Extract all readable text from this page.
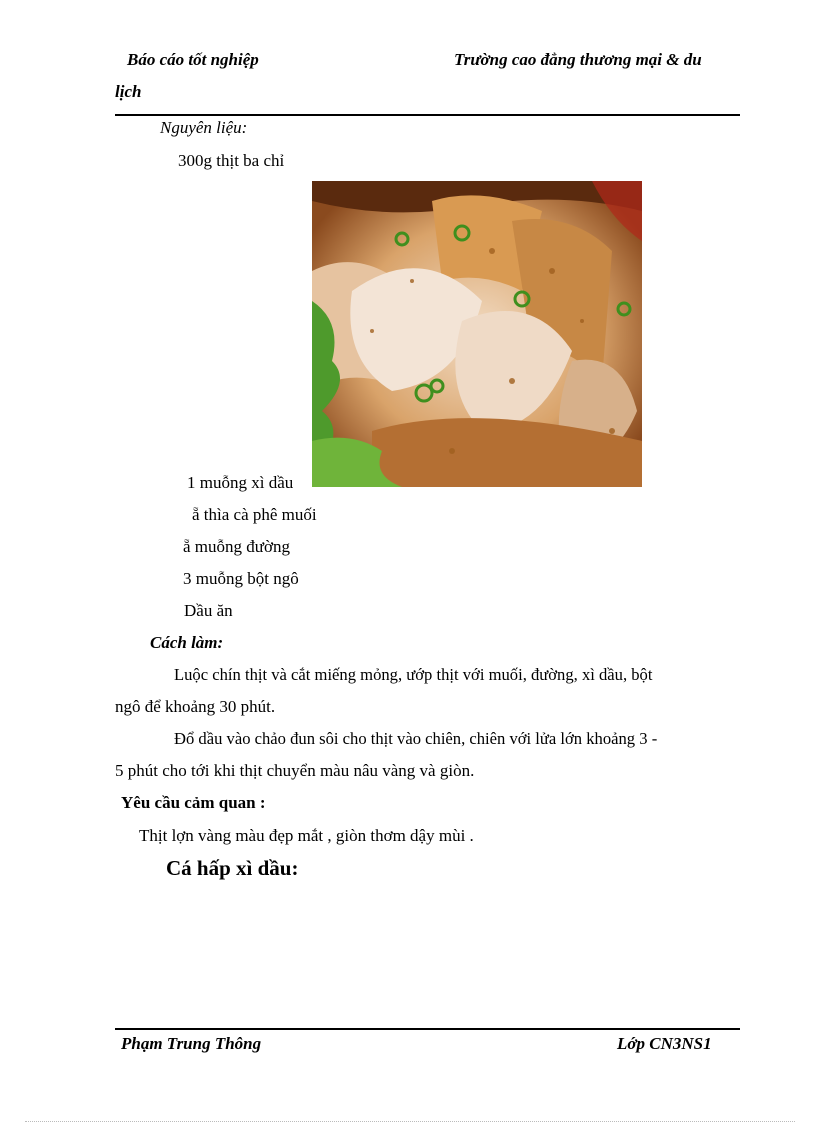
Báo cáo tốt nghiệp	Trường cao đẳng thương mại & du
lịch
Nguyên liệu:
300g thịt ba chỉ
1 muỗng xì dầu
ẵ thìa cà phê muối
ẵ muỗng đường
3 muỗng bột ngô
Dầu ăn
Cách làm:
Luộc chín thịt và cắt miếng mỏng, ướp thịt với muối, đường, xì dầu, bột
ngô để khoảng 30 phút.
Đổ dầu vào chảo đun sôi cho thịt vào chiên, chiên với lửa lớn khoảng 3 -
5 phút cho tới khi thịt chuyển màu nâu vàng và giòn.
Yêu cầu cảm quan :
Thịt lợn vàng màu đẹp mắt , giòn thơm dậy mùi .
Cá hấp xì dầu:
Phạm Trung Thông	Lớp CN3NS1
